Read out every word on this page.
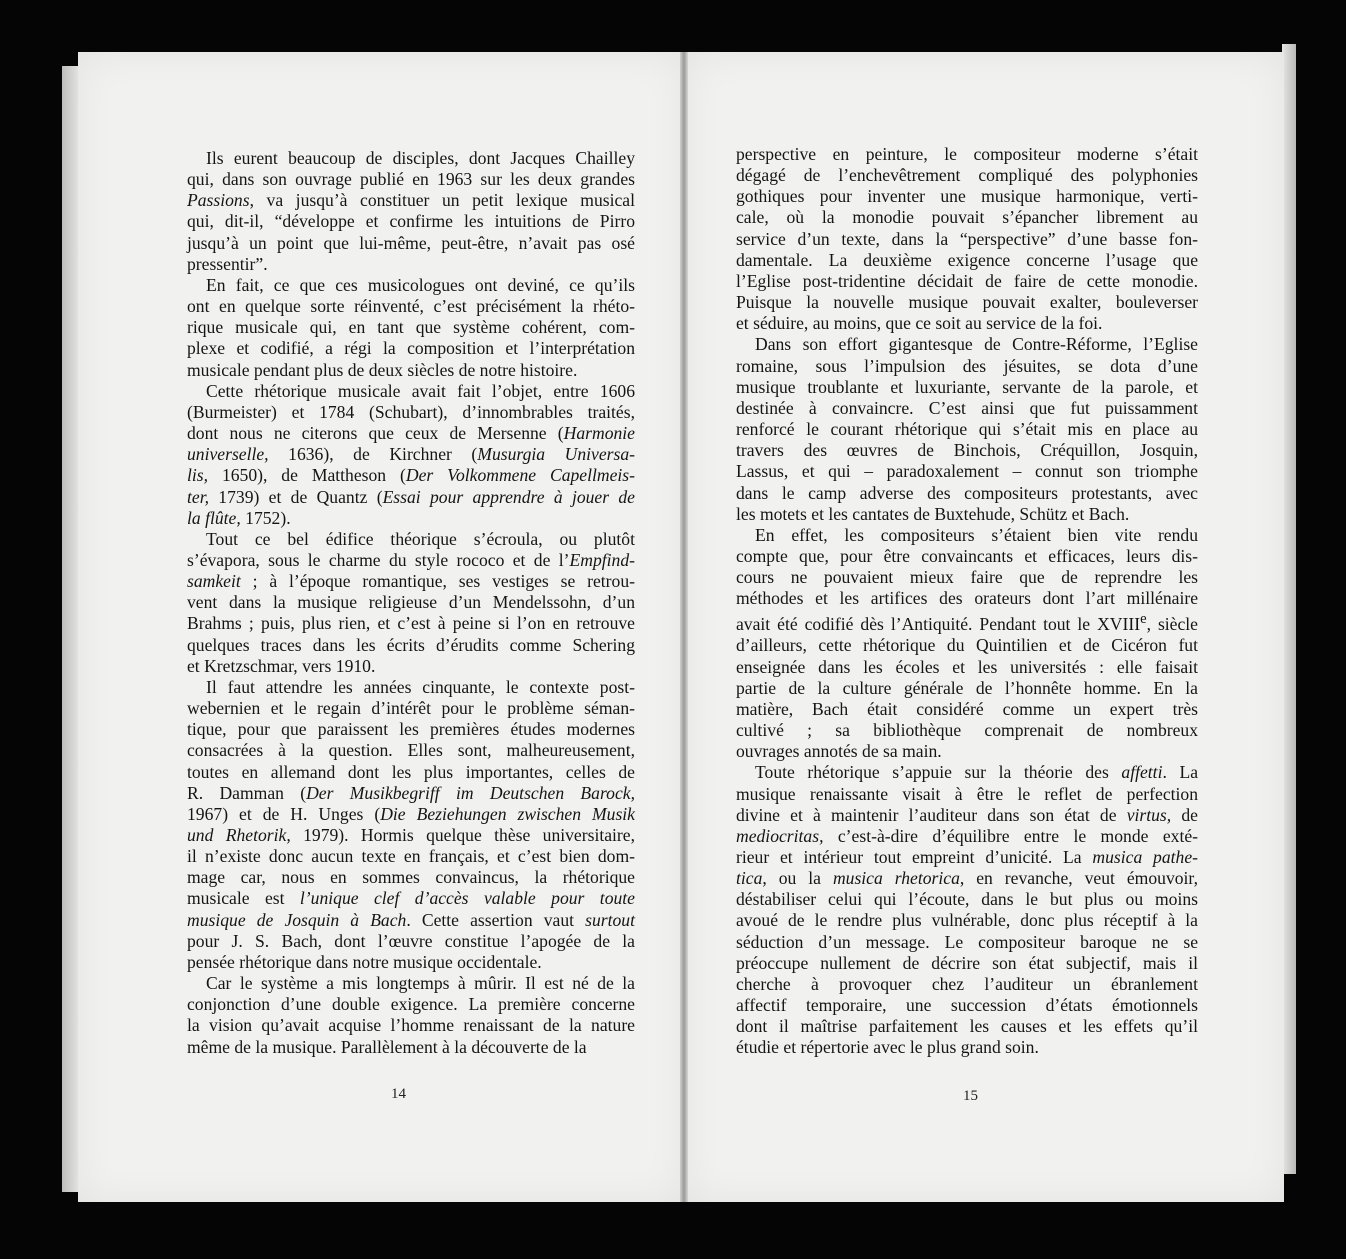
Ils eurent beaucoup de disciples, dont Jacques Chailley
qui, dans son ouvrage publié en 1963 sur les deux grandes
Passions, va jusqu’à constituer un petit lexique musical
qui, dit-il, “développe et confirme les intuitions de Pirro
jusqu’à un point que lui-même, peut-être, n’avait pas osé
pressentir”.

En fait, ce que ces musicologues ont deviné, ce qu’ils
ont en quelque sorte réinventé, c’est précisément la rhéto-
rique musicale qui, en tant que système cohérent, com-
plexe et codifié, a régi la composition et l’interprétation
musicale pendant plus de deux siècles de notre histoire.

Cette rhétorique musicale avait fait l’objet, entre 1606
(Burmeister) et 1784 (Schubart), d’innombrables traités,
dont nous ne citerons que ceux de Mersenne (Harmonie
universelle, 1636), de Kirchner (Musurgia Universa-
lis, 1650), de Mattheson (Der Volkommene Capellmeis-
ter, 1739) et de Quantz (Essai pour apprendre à jouer de
la flûte, 1752).

Tout ce bel édifice théorique s’écroula, ou plutôt
s’évapora, sous le charme du style rococo et de l’Empfind-
samkeit ; à l’époque romantique, ses vestiges se retrou-
vent dans la musique religieuse d’un Mendelssohn, d’un
Brahms ; puis, plus rien, et c’est à peine si l’on en retrouve
quelques traces dans les écrits d’érudits comme Schering
et Kretzschmar, vers 1910.

Il faut attendre les années cinquante, le contexte post-
webernien et le regain d’intérêt pour le problème séman-
tique, pour que paraissent les premières études modernes
consacrées à la question. Elles sont, malheureusement,
toutes en allemand dont les plus importantes, celles de
R. Damman (Der Musikbegriff im Deutschen Barock,
1967) et de H. Unges (Die Beziehungen zwischen Musik
und Rhetorik, 1979). Hormis quelque thèse universitaire,
il n’existe donc aucun texte en français, et c’est bien dom-
mage car, nous en sommes convaincus, la rhétorique
musicale est l’unique clef d’accès valable pour toute
musique de Josquin à Bach. Cette assertion vaut surtout
pour J. S. Bach, dont l’œuvre constitue l’apogée de la
pensée rhétorique dans notre musique occidentale.

Car le système a mis longtemps à mûrir. Il est né de la
conjonction d’une double exigence. La première concerne
la vision qu’avait acquise l’homme renaissant de la nature
même de la musique. Parallèlement à la découverte de la

14

perspective en peinture, le compositeur moderne s’était
dégagé de l’enchevêtrement compliqué des polyphonies
gothiques pour inventer une musique harmonique, verti-
cale, où la monodie pouvait s’épancher librement au
service d’un texte, dans la “perspective” d’une basse fon-
damentale. La deuxième exigence concerne l’usage que
l’Eglise post-tridentine décidait de faire de cette monodie.
Puisque la nouvelle musique pouvait exalter, bouleverser
et séduire, au moins, que ce soit au service de la foi.

Dans son effort gigantesque de Contre-Réforme, l’Eglise
romaine, sous l’impulsion des jésuites, se dota d’une
musique troublante et luxuriante, servante de la parole, et
destinée à convaincre. C’est ainsi que fut puissamment
renforcé le courant rhétorique qui s’était mis en place au
travers des œuvres de Binchois, Créquillon, Josquin,
Lassus, et qui – paradoxalement – connut son triomphe
dans le camp adverse des compositeurs protestants, avec
les motets et les cantates de Buxtehude, Schütz et Bach.

En effet, les compositeurs s’étaient bien vite rendu
compte que, pour être convaincants et efficaces, leurs dis-
cours ne pouvaient mieux faire que de reprendre les
méthodes et les artifices des orateurs dont l’art millénaire
avait été codifié dès l’Antiquité. Pendant tout le XVIIIe, siècle
d’ailleurs, cette rhétorique du Quintilien et de Cicéron fut
enseignée dans les écoles et les universités : elle faisait
partie de la culture générale de l’honnête homme. En la
matière, Bach était considéré comme un expert très
cultivé ; sa bibliothèque comprenait de nombreux
ouvrages annotés de sa main.

Toute rhétorique s’appuie sur la théorie des affetti. La
musique renaissante visait à être le reflet de perfection
divine et à maintenir l’auditeur dans son état de virtus, de
mediocritas, c’est-à-dire d’équilibre entre le monde exté-
rieur et intérieur tout empreint d’unicité. La musica pathe-
tica, ou la musica rhetorica, en revanche, veut émouvoir,
déstabiliser celui qui l’écoute, dans le but plus ou moins
avoué de le rendre plus vulnérable, donc plus réceptif à la
séduction d’un message. Le compositeur baroque ne se
préoccupe nullement de décrire son état subjectif, mais il
cherche à provoquer chez l’auditeur un ébranlement
affectif temporaire, une succession d’états émotionnels
dont il maîtrise parfaitement les causes et les effets qu’il
étudie et répertorie avec le plus grand soin.

15
